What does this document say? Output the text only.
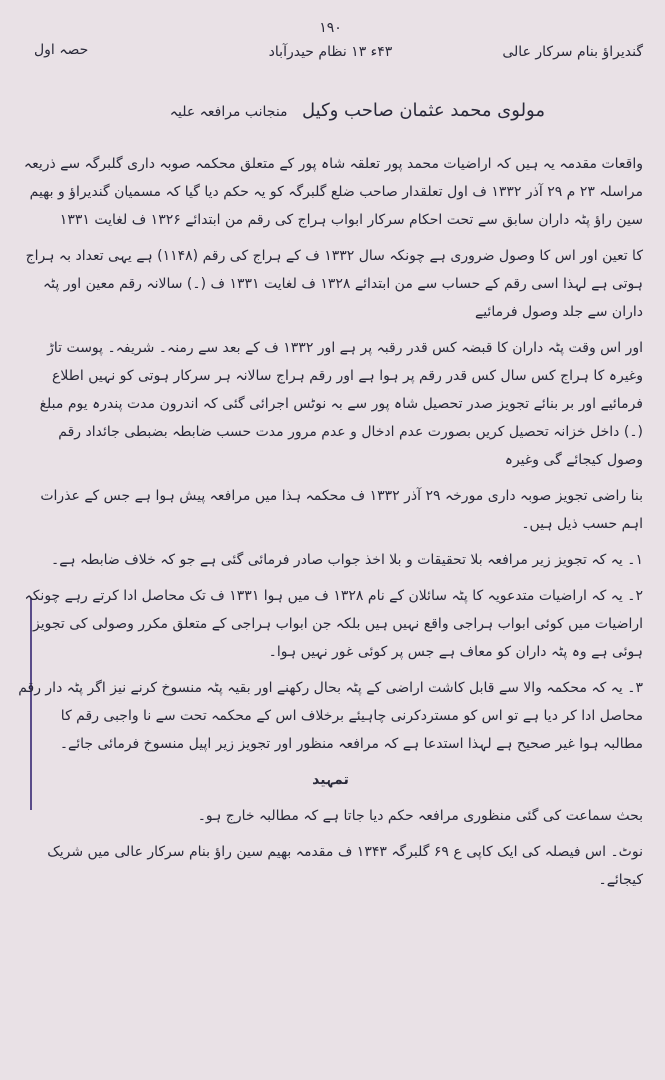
۱۹۰
گندیراؤ بنام سرکار عالی
۴۳ء ۱۳ نظام حیدرآباد
حصہ اول
مولوی محمد عثمان صاحب وکیل منجانب مرافعہ علیہ

واقعات مقدمہ یہ ہیں کہ اراضیات محمد پور تعلقہ شاہ پور کے متعلق محکمہ صوبہ داری گلبرگہ سے ذریعہ مراسلہ ۲۳ م ۲۹ آذر ۱۳۳۲ ف اول تعلقدار صاحب ضلع گلبرگہ کو یہ حکم دیا گیا کہ مسمیان گندیراؤ و بھیم سین راؤ پٹہ داران سابق سے تحت احکام سرکار ابواب ہراج کی رقم من ابتدائے ۱۳۲۶ ف لغایت ۱۳۳۱

کا تعین اور اس کا وصول ضروری ہے چونکہ سال ۱۳۳۲ ف کے ہراج کی رقم (۱۱۴۸) ہے یہی تعداد بہ ہراج ہوتی ہے لہذا اسی رقم کے حساب سے من ابتدائے ۱۳۲۸ ف لغایت ۱۳۳۱ ف (۔) سالانہ رقم معین اور پٹہ داران سے جلد وصول فرمائیے

اور اس وقت پٹہ داران کا قبضہ کس قدر رقبہ پر ہے اور ۱۳۳۲ ف کے بعد سے رمنہ۔ شریفہ۔ پوست تاڑ وغیرہ کا ہراج کس سال کس قدر رقم پر ہوا ہے اور رقم ہراج سالانہ ہر سرکار ہوتی کو نہیں اطلاع فرمائیے اور بر بنائے تجویز صدر تحصیل شاہ پور سے بہ نوٹس اجرائی گئی کہ اندرون مدت پندرہ یوم مبلغ (۔) داخل خزانہ تحصیل کریں بصورت عدم ادخال و عدم مرور مدت حسب ضابطہ بضبطی جائداد رقم وصول کیجائے گی وغیرہ

بنا راضی تجویز صوبہ داری مورخہ ۲۹ آذر ۱۳۳۲ ف محکمہ ہذا میں مرافعہ پیش ہوا ہے جس کے عذرات اہم حسب ذیل ہیں۔

۱۔ یہ کہ تجویز زیر مرافعہ بلا تحقیقات و بلا اخذ جواب صادر فرمائی گئی ہے جو کہ خلاف ضابطہ ہے۔

۲۔ یہ کہ اراضیات متدعویہ کا پٹہ سائلان کے نام ۱۳۲۸ ف میں ہوا ۱۳۳۱ ف تک محاصل ادا کرتے رہے چونکہ اراضیات میں کوئی ابواب ہراجی واقع نہیں ہیں بلکہ جن ابواب ہراجی کے متعلق مکرر وصولی کی تجویز ہوئی ہے وہ پٹہ داران کو معاف ہے جس پر کوئی غور نہیں ہوا۔

۳۔ یہ کہ محکمہ والا سے قابل کاشت اراضی کے پٹہ بحال رکھنے اور بقیہ پٹہ منسوخ کرنے نیز اگر پٹہ دار رقم محاصل ادا کر دیا ہے تو اس کو مستردکرنی چاہیئے برخلاف اس کے محکمہ تحت سے نا واجبی رقم کا مطالبہ ہوا غیر صحیح ہے لہذا استدعا ہے کہ مرافعہ منظور اور تجویز زیر اپیل منسوخ فرمائی جائے۔

تمہید

بحث سماعت کی گئی منظوری مرافعہ حکم دیا جاتا ہے کہ مطالبہ خارج ہو۔

نوٹ۔ اس فیصلہ کی ایک کاپی ع ۶۹ گلبرگہ ۱۳۴۳ ف مقدمہ بھیم سین راؤ بنام سرکار عالی میں شریک کیجائے۔
